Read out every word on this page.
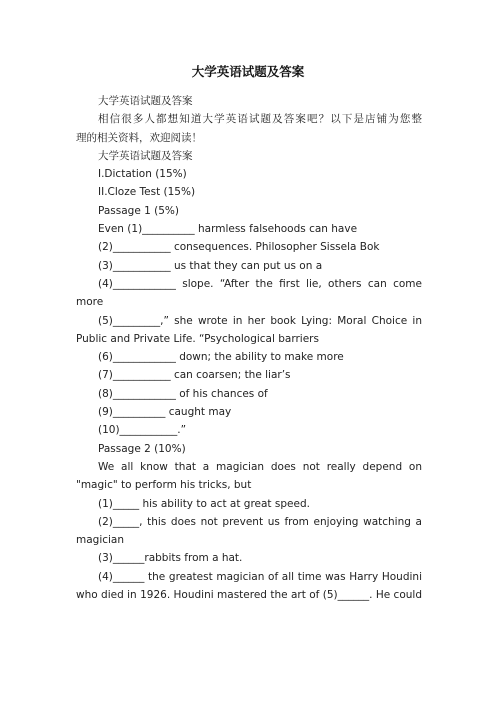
大学英语试题及答案
大学英语试题及答案
相信很多人都想知道大学英语试题及答案吧？以下是店铺为您整
理的相关资料，欢迎阅读！
大学英语试题及答案
I.Dictation (15%)
II.Cloze Test (15%)
Passage 1 (5%)
Even (1)__________ harmless falsehoods can have
(2)___________ consequences. Philosopher Sissela Bok
(3)___________ us that they can put us on a
(4)____________ slope. “After the first lie, others can come
more
(5)_________,” she wrote in her book Lying: Moral Choice in
Public and Private Life. “Psychological barriers
(6)____________ down; the ability to make more
(7)___________ can coarsen; the liar’s
(8)____________ of his chances of
(9)__________ caught may
(10)___________.”
Passage 2 (10%)
We all know that a magician does not really depend on
"magic" to perform his tricks, but
(1)_____ his ability to act at great speed.
(2)_____, this does not prevent us from enjoying watching a
magician
(3)______rabbits from a hat.
(4)______ the greatest magician of all time was Harry Houdini
who died in 1926. Houdini mastered the art of (5)______. He could
